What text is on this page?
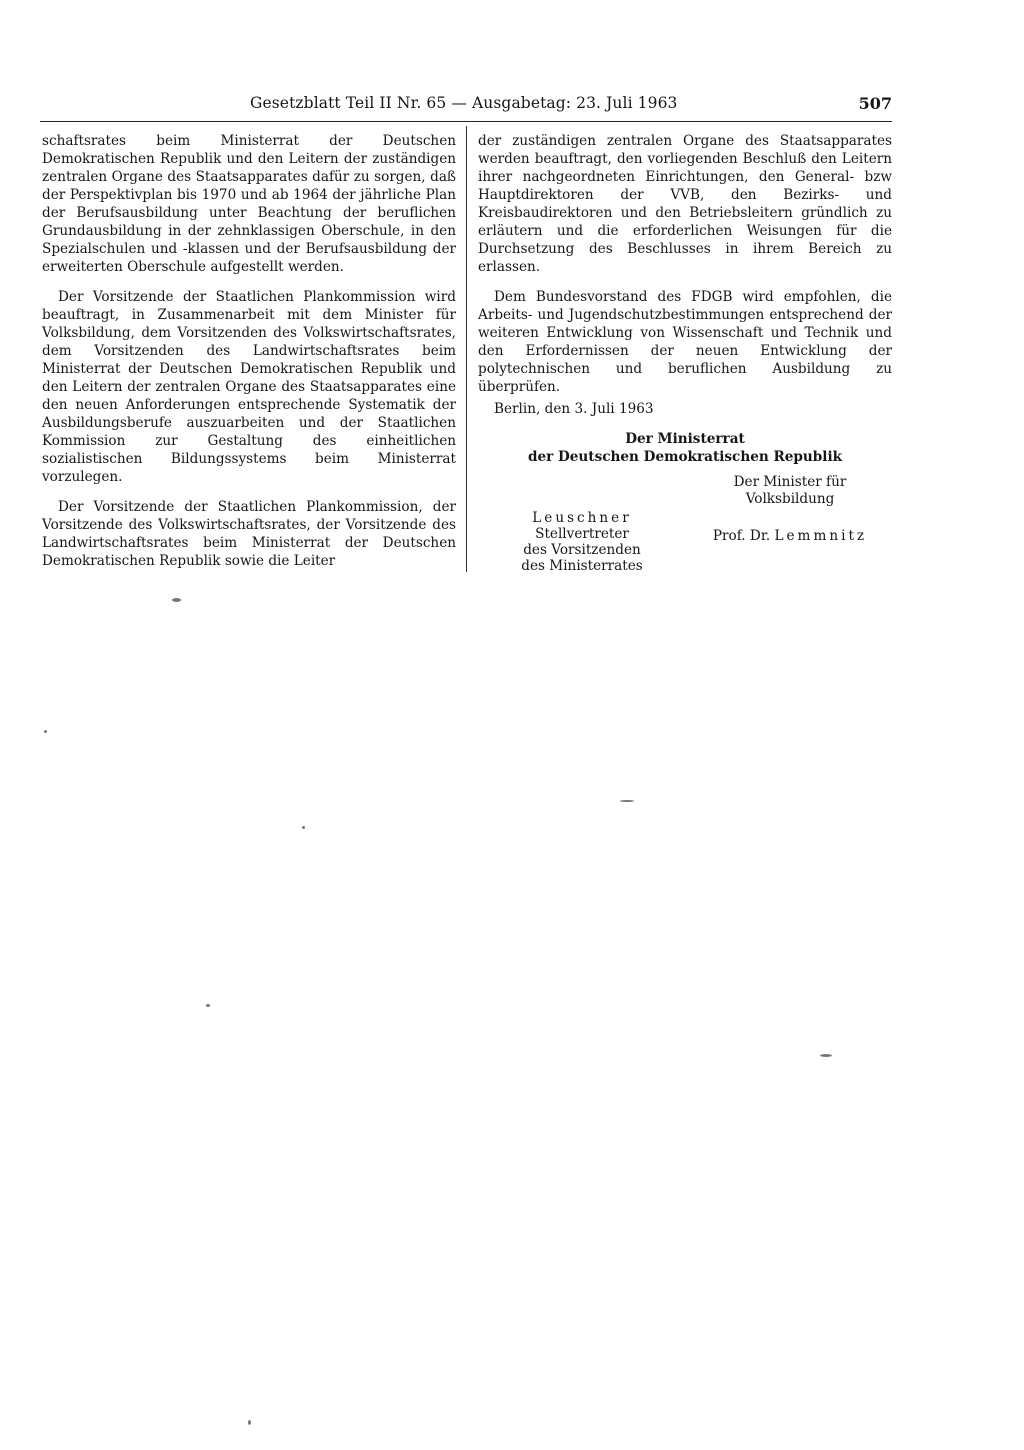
Gesetzblatt Teil II Nr. 65 — Ausgabetag: 23. Juli 1963	507

schaftsrates beim Ministerrat der Deutschen Demokratischen Republik und den Leitern der zuständigen zentralen Organe des Staatsapparates dafür zu sorgen, daß der Perspektivplan bis 1970 und ab 1964 der jährliche Plan der Berufsausbildung unter Beachtung der beruflichen Grundausbildung in der zehnklassigen Oberschule, in den Spezialschulen und -klassen und der Berufsausbildung der erweiterten Oberschule aufgestellt werden.

Der Vorsitzende der Staatlichen Plankommission wird beauftragt, in Zusammenarbeit mit dem Minister für Volksbildung, dem Vorsitzenden des Volkswirtschaftsrates, dem Vorsitzenden des Landwirtschaftsrates beim Ministerrat der Deutschen Demokratischen Republik und den Leitern der zentralen Organe des Staatsapparates eine den neuen Anforderungen entsprechende Systematik der Ausbildungsberufe auszuarbeiten und der Staatlichen Kommission zur Gestaltung des einheitlichen sozialistischen Bildungssystems beim Ministerrat vorzulegen.

Der Vorsitzende der Staatlichen Plankommission, der Vorsitzende des Volkswirtschaftsrates, der Vorsitzende des Landwirtschaftsrates beim Ministerrat der Deutschen Demokratischen Republik sowie die Leiter

der zuständigen zentralen Organe des Staatsapparates werden beauftragt, den vorliegenden Beschluß den Leitern ihrer nachgeordneten Einrichtungen, den General- bzw Hauptdirektoren der VVB, den Bezirks- und Kreisbaudirektoren und den Betriebsleitern gründlich zu erläutern und die erforderlichen Weisungen für die Durchsetzung des Beschlusses in ihrem Bereich zu erlassen.

Dem Bundesvorstand des FDGB wird empfohlen, die Arbeits- und Jugendschutzbestimmungen entsprechend der weiteren Entwicklung von Wissenschaft und Technik und den Erfordernissen der neuen Entwicklung der polytechnischen und beruflichen Ausbildung zu überprüfen.

Berlin, den 3. Juli 1963
Der Ministerrat
der Deutschen Demokratischen Republik
Leuschner
Stellvertreter
des Vorsitzenden
des Ministerrates
Der Minister für
Volksbildung
Prof. Dr. Lemmnitz
